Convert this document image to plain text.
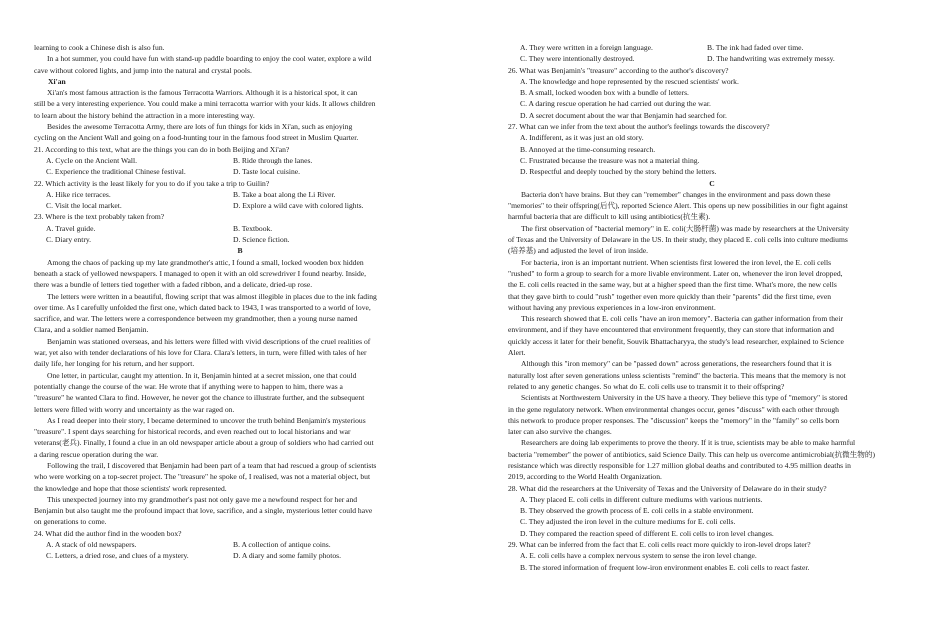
learning to cook a Chinese dish is also fun.
In a hot summer, you could have fun with stand-up paddle boarding to enjoy the cool water, explore a wild
cave without colored lights, and jump into the natural and crystal pools.
Xi'an
Xi'an's most famous attraction is the famous Terracotta Warriors. Although it is a historical spot, it can
still be a very interesting experience. You could make a mini terracotta warrior with your kids. It allows children
to learn about the history behind the attraction in a more interesting way.
Besides the awesome Terracotta Army, there are lots of fun things for kids in Xi'an, such as enjoying
cycling on the Ancient Wall and going on a food-hunting tour in the famous food street in Muslim Quarter.
21. According to this text, what are the things you can do in both Beijing and Xi'an?
A. Cycle on the Ancient Wall.	B. Ride through the lanes.
C. Experience the traditional Chinese festival.	D. Taste local cuisine.
22. Which activity is the least likely for you to do if you take a trip to Guilin?
A. Hike rice terraces.	B. Take a boat along the Li River.
C. Visit the local market.	D. Explore a wild cave with colored lights.
23. Where is the text probably taken from?
A. Travel guide.	B. Textbook.
C. Diary entry.	D. Science fiction.
B
Among the chaos of packing up my late grandmother's attic, I found a small, locked wooden box hidden
beneath a stack of yellowed newspapers. I managed to open it with an old screwdriver I found nearby. Inside,
there was a bundle of letters tied together with a faded ribbon, and a delicate, dried-up rose.
The letters were written in a beautiful, flowing script that was almost illegible in places due to the ink fading
over time. As I carefully unfolded the first one, which dated back to 1943, I was transported to a world of love,
sacrifice, and war. The letters were a correspondence between my grandmother, then a young nurse named
Clara, and a soldier named Benjamin.
Benjamin was stationed overseas, and his letters were filled with vivid descriptions of the cruel realities of
war, yet also with tender declarations of his love for Clara. Clara's letters, in turn, were filled with tales of her
daily life, her longing for his return, and her support.
One letter, in particular, caught my attention. In it, Benjamin hinted at a secret mission, one that could
potentially change the course of the war. He wrote that if anything were to happen to him, there was a
"treasure" he wanted Clara to find. However, he never got the chance to illustrate further, and the subsequent
letters were filled with worry and uncertainty as the war raged on.
As I read deeper into their story, I became determined to uncover the truth behind Benjamin's mysterious
"treasure". I spent days searching for historical records, and even reached out to local historians and war
veterans(老兵). Finally, I found a clue in an old newspaper article about a group of soldiers who had carried out
a daring rescue operation during the war.
Following the trail, I discovered that Benjamin had been part of a team that had rescued a group of scientists
who were working on a top-secret project. The "treasure" he spoke of, I realised, was not a material object, but
the knowledge and hope that those scientists' work represented.
This unexpected journey into my grandmother's past not only gave me a newfound respect for her and
Benjamin but also taught me the profound impact that love, sacrifice, and a single, mysterious letter could have
on generations to come.
24. What did the author find in the wooden box?
A. A stack of old newspapers.	B. A collection of antique coins.
C. Letters, a dried rose, and clues of a mystery.	D. A diary and some family photos.
A. They were written in a foreign language.	B. The ink had faded over time.
C. They were intentionally destroyed.	D. The handwriting was extremely messy.
26. What was Benjamin's "treasure" according to the author's discovery?
A. The knowledge and hope represented by the rescued scientists' work.
B. A small, locked wooden box with a bundle of letters.
C. A daring rescue operation he had carried out during the war.
D. A secret document about the war that Benjamin had searched for.
27. What can we infer from the text about the author's feelings towards the discovery?
A. Indifferent, as it was just an old story.
B. Annoyed at the time-consuming research.
C. Frustrated because the treasure was not a material thing.
D. Respectful and deeply touched by the story behind the letters.
C
Bacteria don't have brains. But they can "remember" changes in the environment and pass down these
"memories" to their offspring(后代), reported Science Alert. This opens up new possibilities in our fight against
harmful bacteria that are difficult to kill using antibiotics(抗生素).
The first observation of "bacterial memory" in E. coli(大肠杆菌) was made by researchers at the University
of Texas and the University of Delaware in the US. In their study, they placed E. coli cells into culture mediums
(培养基) and adjusted the level of iron inside.
For bacteria, iron is an important nutrient. When scientists first lowered the iron level, the E. coli cells
"rushed" to form a group to search for a more livable environment. Later on, whenever the iron level dropped,
the E. coli cells reacted in the same way, but at a higher speed than the first time. What's more, the new cells
that they gave birth to could "rush" together even more quickly than their "parents" did the first time, even
without having any previous experiences in a low-iron environment.
This research showed that E. coli cells "have an iron memory". Bacteria can gather information from their
environment, and if they have encountered that environment frequently, they can store that information and
quickly access it later for their benefit, Souvik Bhattacharyya, the study's lead researcher, explained to Science
Alert.
Although this "iron memory" can be "passed down" across generations, the researchers found that it is
naturally lost after seven generations unless scientists "remind" the bacteria. This means that the memory is not
related to any genetic changes. So what do E. coli cells use to transmit it to their offspring?
Scientists at Northwestern University in the US have a theory. They believe this type of "memory" is stored
in the gene regulatory network. When environmental changes occur, genes "discuss" with each other through
this network to produce proper responses. The "discussion" keeps the "memory" in the "family" so cells born
later can also survive the changes.
Researchers are doing lab experiments to prove the theory. If it is true, scientists may be able to make harmful
bacteria "remember" the power of antibiotics, said Science Daily. This can help us overcome antimicrobial(抗微生物的)
resistance which was directly responsible for 1.27 million global deaths and contributed to 4.95 million deaths in
2019, according to the World Health Organization.
28. What did the researchers at the University of Texas and the University of Delaware do in their study?
A. They placed E. coli cells in different culture mediums with various nutrients.
B. They observed the growth process of E. coli cells in a stable environment.
C. They adjusted the iron level in the culture mediums for E. coli cells.
D. They compared the reaction speed of different E. coli cells to iron level changes.
29. What can be inferred from the fact that E. coli cells react more quickly to iron-level drops later?
A. E. coli cells have a complex nervous system to sense the iron level change.
B. The stored information of frequent low-iron environment enables E. coli cells to react faster.
